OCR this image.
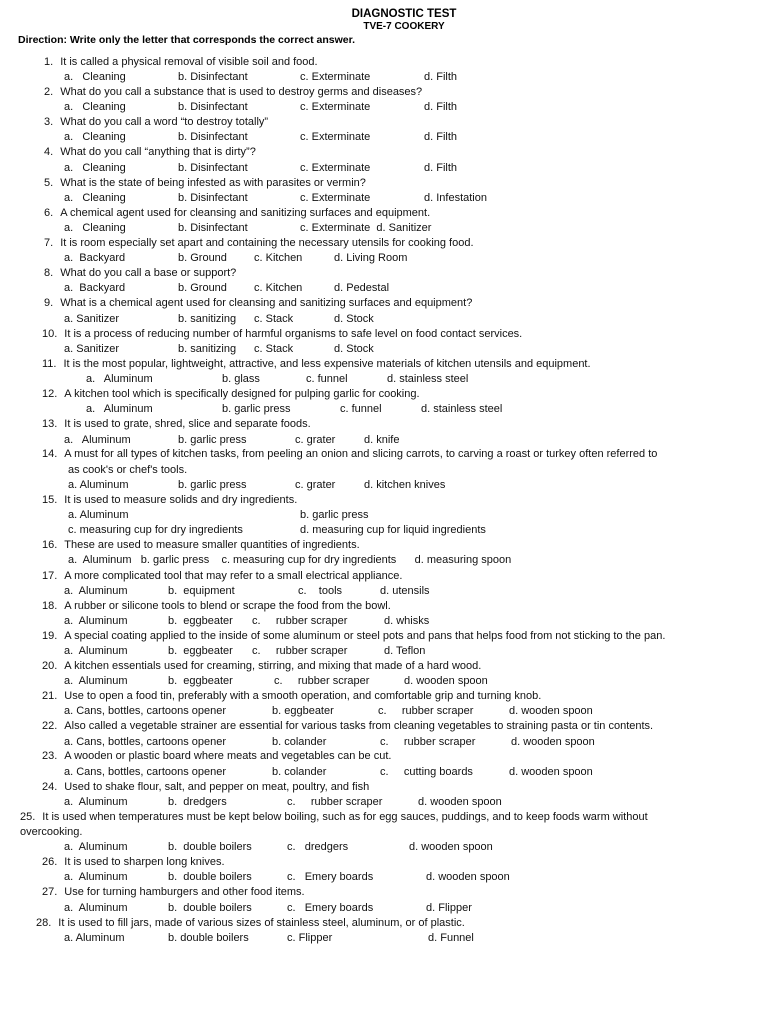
DIAGNOSTIC TEST
TVE-7 COOKERY

Direction: Write only the letter that corresponds the correct answer.

1. It is called a physical removal of visible soil and food.
a.   Cleaning	b. Disinfectant	c. Exterminate	d. Filth
2. What do you call a substance that is used to destroy germs and diseases?
a.   Cleaning	b. Disinfectant	c. Exterminate	d. Filth
3. What do you call a word “to destroy totally”
a.   Cleaning	b. Disinfectant	c. Exterminate	d. Filth
4. What do you call “anything that is dirty”?
a.   Cleaning	b. Disinfectant	c. Exterminate	d. Filth
5. What is the state of being infested as with parasites or vermin?
a.   Cleaning	b. Disinfectant	c. Exterminate	d. Infestation
6. A chemical agent used for cleansing and sanitizing surfaces and equipment.
a.   Cleaning	b. Disinfectant	c. Exterminate  d. Sanitizer
7. It is room especially set apart and containing the necessary utensils for cooking food.
a.  Backyard	b. Ground c. Kitchen	d. Living Room
8. What do you call a base or support?
a.  Backyard	b. Ground c. Kitchen	d. Pedestal
9. What is a chemical agent used for cleansing and sanitizing surfaces and equipment?
a. Sanitizer	b. sanitizing c. Stack	d. Stock
10. It is a process of reducing number of harmful organisms to safe level on food contact services.
a. Sanitizer	b. sanitizing c. Stack	d. Stock
11. It is the most popular, lightweight, attractive, and less expensive materials of kitchen utensils and equipment.
a.   Aluminum	b. glass	c. funnel	d. stainless steel
12. A kitchen tool which is specifically designed for pulping garlic for cooking.
a.   Aluminum	b. garlic press	c. funnel	d. stainless steel
13. It is used to grate, shred, slice and separate foods.
a.   Aluminum	b. garlic press	c. grater	d. knife
14. A must for all types of kitchen tasks, from peeling an onion and slicing carrots, to carving a roast or turkey often referred to
as cook's or chef's tools.
a. Aluminum	b. garlic press	c. grater	d. kitchen knives
15. It is used to measure solids and dry ingredients.
a. Aluminum	b. garlic press
c. measuring cup for dry ingredients	d. measuring cup for liquid ingredients
16. These are used to measure smaller quantities of ingredients.
a.  Aluminum   b. garlic press    c. measuring cup for dry ingredients      d. measuring spoon
17. A more complicated tool that may refer to a small electrical appliance.
a.  Aluminum	b.  equipment	c.    tools	d. utensils
18. A rubber or silicone tools to blend or scrape the food from the bowl.
a.  Aluminum	b.  eggbeater c.     rubber scraper	d. whisks
19. A special coating applied to the inside of some aluminum or steel pots and pans that helps food from not sticking to the pan.
a.  Aluminum	b.  eggbeater c.     rubber scraper	d. Teflon
20. A kitchen essentials used for creaming, stirring, and mixing that made of a hard wood.
a.  Aluminum	b.  eggbeater	c.     rubber scraper	d. wooden spoon
21. Use to open a food tin, preferably with a smooth operation, and comfortable grip and turning knob.
a. Cans, bottles, cartoons opener	b. eggbeater	c.     rubber scraper	d. wooden spoon
22. Also called a vegetable strainer are essential for various tasks from cleaning vegetables to straining pasta or tin contents.
a. Cans, bottles, cartoons opener	b. colander	c.     rubber scraper	d. wooden spoon
23. A wooden or plastic board where meats and vegetables can be cut.
a. Cans, bottles, cartoons opener	b. colander	c.     cutting boards	d. wooden spoon
24. Used to shake flour, salt, and pepper on meat, poultry, and fish
a.  Aluminum	b.  dredgers	c.     rubber scraper	d. wooden spoon
25. It is used when temperatures must be kept below boiling, such as for egg sauces, puddings, and to keep foods warm without
overcooking.
a.  Aluminum	b.  double boilers	c.   dredgers	d. wooden spoon
26. It is used to sharpen long knives.
a.  Aluminum	b.  double boilers	c.   Emery boards	d. wooden spoon
27. Use for turning hamburgers and other food items.
a.  Aluminum	b.  double boilers	c.   Emery boards	d. Flipper
28. It is used to fill jars, made of various sizes of stainless steel, aluminum, or of plastic.
a. Aluminum	b. double boilers	c. Flipper	d. Funnel
